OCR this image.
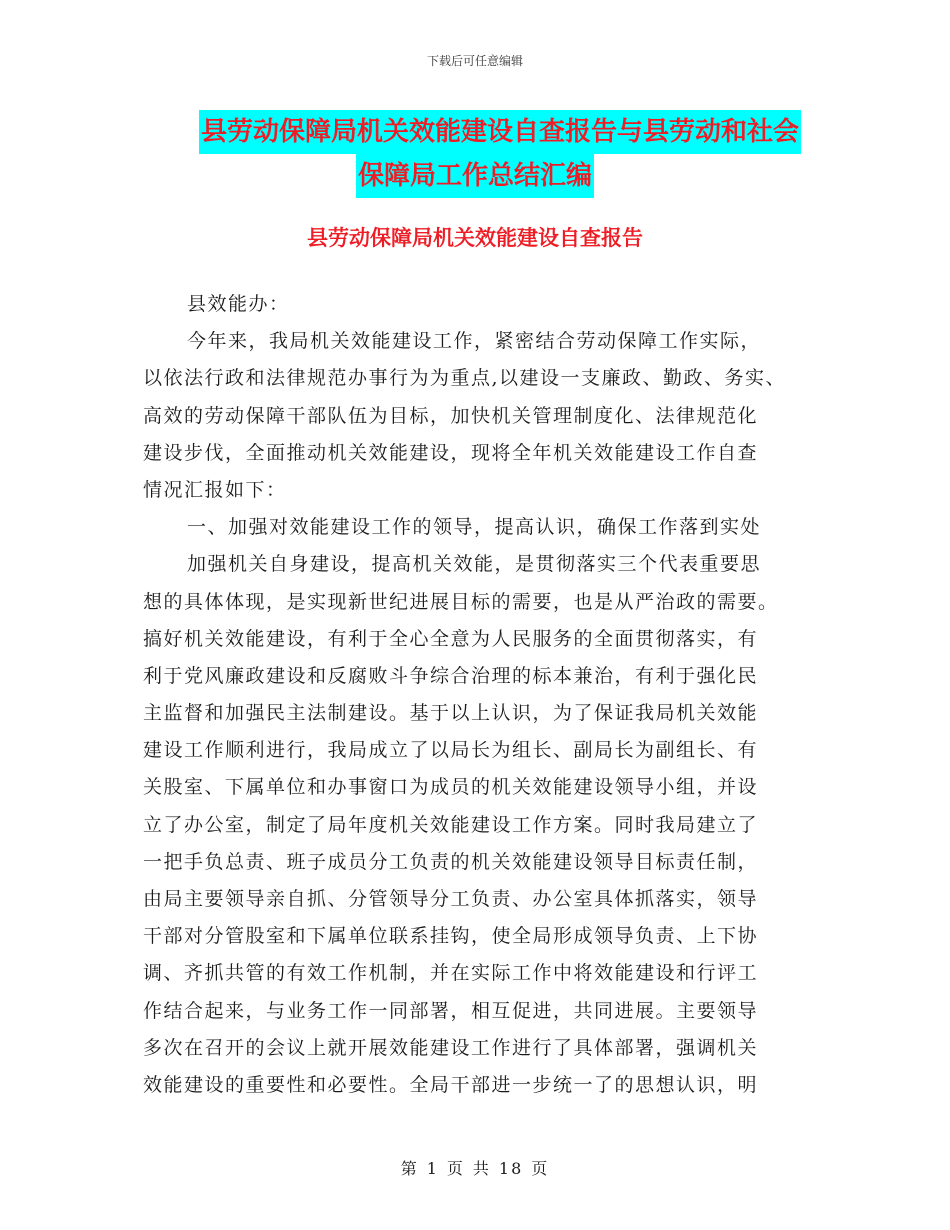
下载后可任意编辑
县劳动保障局机关效能建设自查报告与县劳动和社会
保障局工作总结汇编
县劳动保障局机关效能建设自查报告
县效能办：
今年来，我局机关效能建设工作，紧密结合劳动保障工作实际，
以依法行政和法律规范办事行为为重点,以建设一支廉政、勤政、务实、
高效的劳动保障干部队伍为目标，加快机关管理制度化、法律规范化
建设步伐，全面推动机关效能建设，现将全年机关效能建设工作自查
情况汇报如下：
一、加强对效能建设工作的领导，提高认识，确保工作落到实处
加强机关自身建设，提高机关效能，是贯彻落实三个代表重要思
想的具体体现，是实现新世纪进展目标的需要，也是从严治政的需要。
搞好机关效能建设，有利于全心全意为人民服务的全面贯彻落实，有
利于党风廉政建设和反腐败斗争综合治理的标本兼治，有利于强化民
主监督和加强民主法制建设。基于以上认识，为了保证我局机关效能
建设工作顺利进行，我局成立了以局长为组长、副局长为副组长、有
关股室、下属单位和办事窗口为成员的机关效能建设领导小组，并设
立了办公室，制定了局年度机关效能建设工作方案。同时我局建立了
一把手负总责、班子成员分工负责的机关效能建设领导目标责任制，
由局主要领导亲自抓、分管领导分工负责、办公室具体抓落实，领导
干部对分管股室和下属单位联系挂钩，使全局形成领导负责、上下协
调、齐抓共管的有效工作机制，并在实际工作中将效能建设和行评工
作结合起来，与业务工作一同部署，相互促进，共同进展。主要领导
多次在召开的会议上就开展效能建设工作进行了具体部署，强调机关
效能建设的重要性和必要性。全局干部进一步统一了的思想认识，明
第 1 页 共 18 页
